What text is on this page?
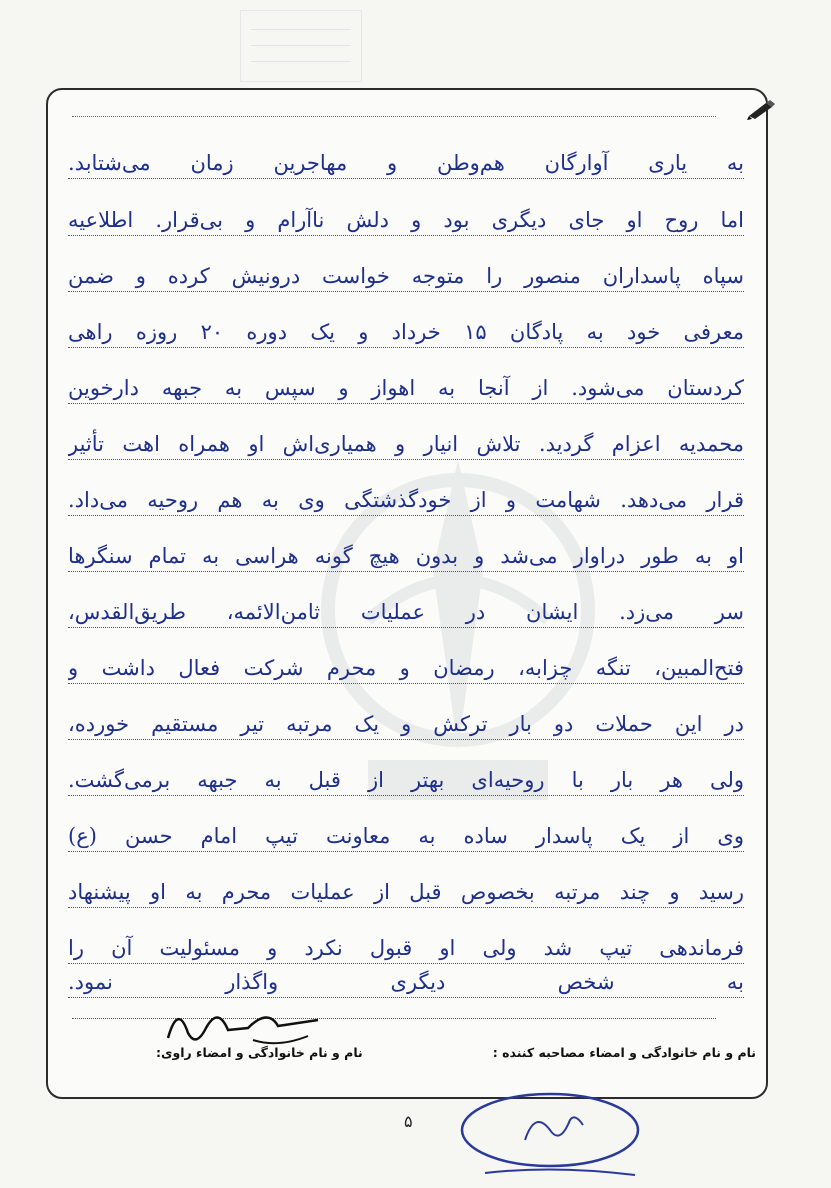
به یاری آوارگان هم‌وطن و مهاجرین زمان می‌شتابد.
اما روح او جای دیگری بود و دلش ناآرام و بی‌قرار. اطلاعیه
سپاه پاسداران منصور را متوجه خواست درونیش کرده و ضمن
معرفی خود به پادگان ۱۵ خرداد و یک دوره ۲۰ روزه راهی
کردستان می‌شود. از آنجا به اهواز و سپس به جبهه دارخوین
محمدیه اعزام گردید. تلاش انیار و همیاری‌اش او همراه اهت تأثیر
قرار می‌دهد. شهامت و از خودگذشتگی وی به هم روحیه می‌داد.
او به طور دراوار می‌شد و بدون هیچ گونه هراسی به تمام سنگرها
سر می‌زد. ایشان در عملیات ثامن‌الائمه، طریق‌القدس،
فتح‌المبین، تنگه چزابه، رمضان و محرم شرکت فعال داشت و
در این حملات دو بار ترکش و یک مرتبه تیر مستقیم خورده،
ولی هر بار با روحیه‌ای بهتر از قبل به جبهه برمی‌گشت.
وی از یک پاسدار ساده به معاونت تیپ امام حسن (ع)
رسید و چند مرتبه بخصوص قبل از عملیات محرم به او پیشنهاد
فرماندهی تیپ شد ولی او قبول نکرد و مسئولیت آن را
به شخص دیگری واگذار نمود.
نام و نام خانوادگی و امضاء مصاحبه کننده :
نام و نام خانوادگی و امضاء راوی:
۵
